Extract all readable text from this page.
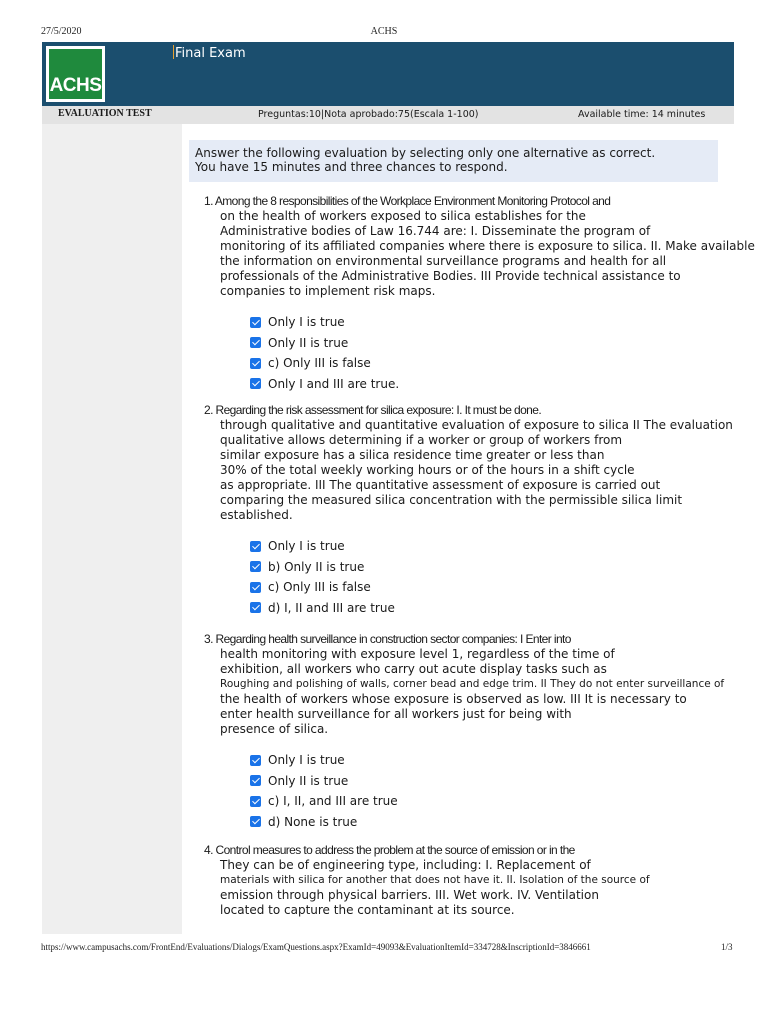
27/5/2020	ACHS
ACHS
Final Exam
EVALUATION TEST	Preguntas:10|Nota aprobado:75(Escala 1-100)	Available time: 14 minutes
Answer the following evaluation by selecting only one alternative as correct.
You have 15 minutes and three chances to respond.
1. Among the 8 responsibilities of the Workplace Environment Monitoring Protocol and
on the health of workers exposed to silica establishes for the
Administrative bodies of Law 16.744 are: I. Disseminate the program of
monitoring of its affiliated companies where there is exposure to silica. II. Make available
the information on environmental surveillance programs and health for all
professionals of the Administrative Bodies. III Provide technical assistance to
companies to implement risk maps.
Only I is true
Only II is true
c) Only III is false
Only I and III are true.
2. Regarding the risk assessment for silica exposure: I. It must be done.
through qualitative and quantitative evaluation of exposure to silica II The evaluation
qualitative allows determining if a worker or group of workers from
similar exposure has a silica residence time greater or less than
30% of the total weekly working hours or of the hours in a shift cycle
as appropriate. III The quantitative assessment of exposure is carried out
comparing the measured silica concentration with the permissible silica limit
established.
Only I is true
b) Only II is true
c) Only III is false
d) I, II and III are true
3. Regarding health surveillance in construction sector companies: I Enter into
health monitoring with exposure level 1, regardless of the time of
exhibition, all workers who carry out acute display tasks such as
Roughing and polishing of walls, corner bead and edge trim. II They do not enter surveillance of
the health of workers whose exposure is observed as low. III It is necessary to
enter health surveillance for all workers just for being with
presence of silica.
Only I is true
Only II is true
c) I, II, and III are true
d) None is true
4. Control measures to address the problem at the source of emission or in the
They can be of engineering type, including: I. Replacement of
materials with silica for another that does not have it. II. Isolation of the source of
emission through physical barriers. III. Wet work. IV. Ventilation
located to capture the contaminant at its source.
https://www.campusachs.com/FrontEnd/Evaluations/Dialogs/ExamQuestions.aspx?ExamId=49093&EvaluationItemId=334728&InscriptionId=3846661	1/3
